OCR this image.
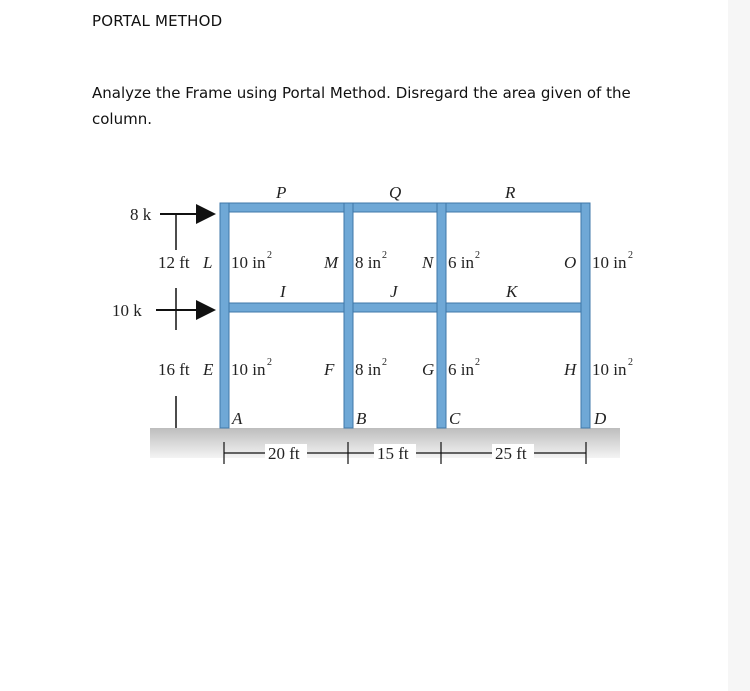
PORTAL METHOD

Analyze the Frame using Portal Method. Disregard the area given of the column.

8 k
10 k
P	Q	R
I	J	K
12 ft L 10 in 2	M 8 in 2 N 6 in 2	O 10 in 2
16 ft E 10 in 2	F 8 in 2 G 6 in 2	H 10 in 2
A	B	C	D
20 ft	15 ft	25 ft
